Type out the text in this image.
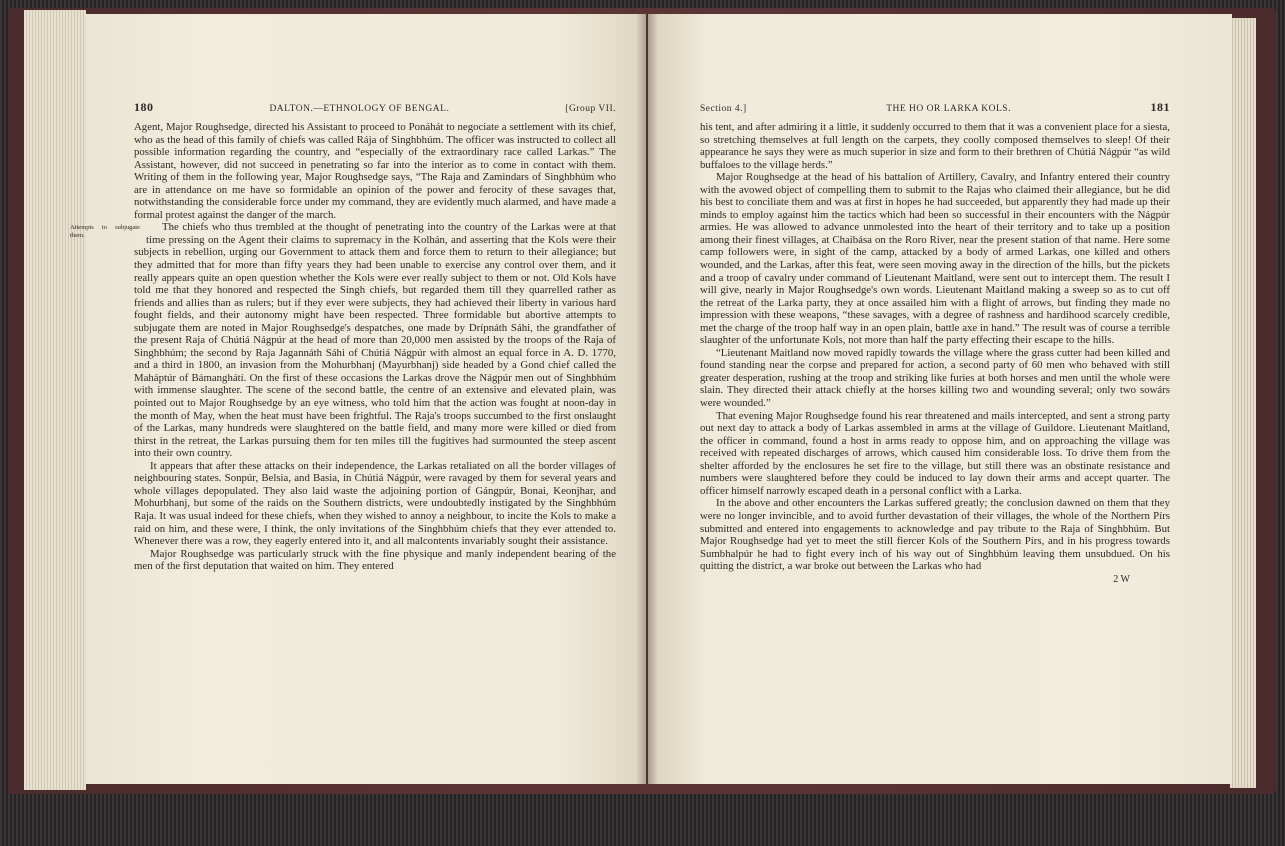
180	DALTON.—ETHNOLOGY OF BENGAL.	[Group VII.

Agent, Major Roughsedge, directed his Assistant to proceed to Ponáhát to negociate a settlement with its chief, who as the head of this family of chiefs was called Rája of Singhbhúm. The officer was instructed to collect all possible information regarding the country, and “especially of the extraordinary race called Larkas.” The Assistant, however, did not succeed in penetrating so far into the interior as to come in contact with them. Writing of them in the following year, Major Roughsedge says, “The Raja and Zamindars of Singhbhúm who are in attendance on me have so formidable an opinion of the power and ferocity of these savages that, notwithstanding the considerable force under my command, they are evidently much alarmed, and have made a formal protest against the danger of the march.

Attempts to subjugate them.
The chiefs who thus trembled at the thought of penetrating into the country of the Larkas were at that time pressing on the Agent their claims to supremacy in the Kolhán, and asserting that the Kols were their subjects in rebellion, urging our Government to attack them and force them to return to their allegiance; but they admitted that for more than fifty years they had been unable to exercise any control over them, and it really appears quite an open question whether the Kols were ever really subject to them or not. Old Kols have told me that they honored and respected the Singh chiefs, but regarded them till they quarrelled rather as friends and allies than as rulers; but if they ever were subjects, they had achieved their liberty in various hard fought fields, and their autonomy might have been respected. Three formidable but abortive attempts to subjugate them are noted in Major Roughsedge's despatches, one made by Drípnáth Sáhi, the grandfather of the present Raja of Chútiá Nágpúr at the head of more than 20,000 men assisted by the troops of the Raja of Singhbhúm; the second by Raja Jagannáth Sáhi of Chútiá Nágpúr with almost an equal force in A. D. 1770, and a third in 1800, an invasion from the Mohurbhanj (Mayurbhanj) side headed by a Gond chief called the Maháptúr of Bámanghátí. On the first of these occasions the Larkas drove the Nágpúr men out of Singhbhúm with immense slaughter. The scene of the second battle, the centre of an extensive and elevated plain, was pointed out to Major Roughsedge by an eye witness, who told him that the action was fought at noon-day in the month of May, when the heat must have been frightful. The Raja's troops succumbed to the first onslaught of the Larkas, many hundreds were slaughtered on the battle field, and many more were killed or died from thirst in the retreat, the Larkas pursuing them for ten miles till the fugitives had surmounted the steep ascent into their own country.

It appears that after these attacks on their independence, the Larkas retaliated on all the border villages of neighbouring states. Sonpúr, Belsia, and Basia, in Chútiá Nágpúr, were ravaged by them for several years and whole villages depopulated. They also laid waste the adjoining portion of Gángpúr, Bonai, Keonjhar, and Mohurbhanj, but some of the raids on the Southern districts, were undoubtedly instigated by the Singhbhúm Raja. It was usual indeed for these chiefs, when they wished to annoy a neighbour, to incite the Kols to make a raid on him, and these were, I think, the only invitations of the Singhbhúm chiefs that they ever attended to. Whenever there was a row, they eagerly entered into it, and all malcontents invariably sought their assistance.

Major Roughsedge was particularly struck with the fine physique and manly independent bearing of the men of the first deputation that waited on him. They entered

Section 4.]	THE HO OR LARKA KOLS.	181

his tent, and after admiring it a little, it suddenly occurred to them that it was a convenient place for a siesta, so stretching themselves at full length on the carpets, they coolly composed themselves to sleep! Of their appearance he says they were as much superior in size and form to their brethren of Chútiá Nágpúr “as wild buffaloes to the village herds.”

Major Roughsedge at the head of his battalion of Artillery, Cavalry, and Infantry entered their country with the avowed object of compelling them to submit to the Rajas who claimed their allegiance, but he did his best to conciliate them and was at first in hopes he had succeeded, but apparently they had made up their minds to employ against him the tactics which had been so successful in their encounters with the Nágpúr armies. He was allowed to advance unmolested into the heart of their territory and to take up a position among their finest villages, at Chaibása on the Roro River, near the present station of that name. Here some camp followers were, in sight of the camp, attacked by a body of armed Larkas, one killed and others wounded, and the Larkas, after this feat, were seen moving away in the direction of the hills, but the pickets and a troop of cavalry under command of Lieutenant Maitland, were sent out to intercept them. The result I will give, nearly in Major Roughsedge's own words. Lieutenant Maitland making a sweep so as to cut off the retreat of the Larka party, they at once assailed him with a flight of arrows, but finding they made no impression with these weapons, “these savages, with a degree of rashness and hardihood scarcely credible, met the charge of the troop half way in an open plain, battle axe in hand.” The result was of course a terrible slaughter of the unfortunate Kols, not more than half the party effecting their escape to the hills.

“Lieutenant Maitland now moved rapidly towards the village where the grass cutter had been killed and found standing near the corpse and prepared for action, a second party of 60 men who behaved with still greater desperation, rushing at the troop and striking like furies at both horses and men until the whole were slain. They directed their attack chiefly at the horses killing two and wounding several; only two sowárs were wounded.”

That evening Major Roughsedge found his rear threatened and mails intercepted, and sent a strong party out next day to attack a body of Larkas assembled in arms at the village of Guildore. Lieutenant Maitland, the officer in command, found a host in arms ready to oppose him, and on approaching the village was received with repeated discharges of arrows, which caused him considerable loss. To drive them from the shelter afforded by the enclosures he set fire to the village, but still there was an obstinate resistance and numbers were slaughtered before they could be induced to lay down their arms and accept quarter. The officer himself narrowly escaped death in a personal conflict with a Larka.

In the above and other encounters the Larkas suffered greatly; the conclusion dawned on them that they were no longer invincible, and to avoid further devastation of their villages, the whole of the Northern Pírs submitted and entered into engagements to acknowledge and pay tribute to the Raja of Singhbhúm. But Major Roughsedge had yet to meet the still fiercer Kols of the Southern Pírs, and in his progress towards Sumbhalpúr he had to fight every inch of his way out of Singhbhúm leaving them unsubdued. On his quitting the district, a war broke out between the Larkas who had

2 W
